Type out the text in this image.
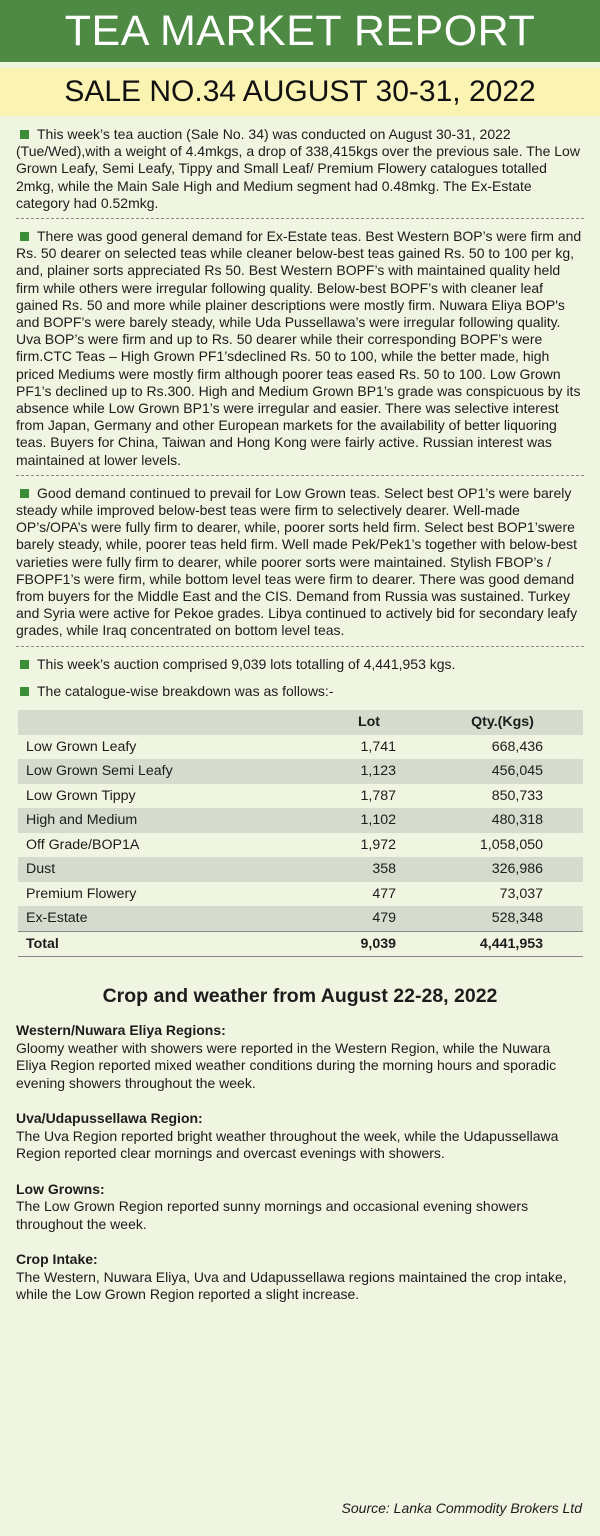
TEA MARKET REPORT
SALE NO.34 AUGUST 30-31, 2022

This week’s tea auction (Sale No. 34) was conducted on August 30-31, 2022 (Tue/Wed),with a weight of 4.4mkgs, a drop of 338,415kgs over the previous sale. The Low Grown Leafy, Semi Leafy, Tippy and Small Leaf/ Premium Flowery catalogues totalled 2mkg, while the Main Sale High and Medium segment had 0.48mkg. The Ex-Estate category had 0.52mkg.

There was good general demand for Ex-Estate teas. Best Western BOP’s were firm and Rs. 50 dearer on selected teas while cleaner below-best teas gained Rs. 50 to 100 per kg, and, plainer sorts appreciated Rs 50. Best Western BOPF’s with maintained quality held firm while others were irregular following quality. Below-best BOPF’s with cleaner leaf gained Rs. 50 and more while plainer descriptions were mostly firm. Nuwara Eliya BOP's and BOPF’s were barely steady, while Uda Pussellawa’s were irregular following quality. Uva BOP’s were firm and up to Rs. 50 dearer while their corresponding BOPF’s were firm.CTC Teas – High Grown PF1’sdeclined Rs. 50 to 100, while the better made, high priced Mediums were mostly firm although poorer teas eased Rs. 50 to 100. Low Grown PF1’s declined up to Rs.300. High and Medium Grown BP1’s grade was conspicuous by its absence while Low Grown BP1’s were irregular and easier. There was selective interest from Japan, Germany and other European markets for the availability of better liquoring teas. Buyers for China, Taiwan and Hong Kong were fairly active. Russian interest was maintained at lower levels.

Good demand continued to prevail for Low Grown teas. Select best OP1’s were barely steady while improved below-best teas were firm to selectively dearer. Well-made OP’s/OPA’s were fully firm to dearer, while, poorer sorts held firm. Select best BOP1’swere barely steady, while, poorer teas held firm. Well made Pek/Pek1’s together with below-best varieties were fully firm to dearer, while poorer sorts were maintained. Stylish FBOP’s / FBOPF1’s were firm, while bottom level teas were firm to dearer. There was good demand from buyers for the Middle East and the CIS. Demand from Russia was sustained. Turkey and Syria were active for Pekoe grades. Libya continued to actively bid for secondary leafy grades, while Iraq concentrated on bottom level teas.

This week’s auction comprised 9,039 lots totalling of 4,441,953 kgs.

The catalogue-wise breakdown was as follows:-

	Lot	Qty.(Kgs)
Low Grown Leafy	1,741	668,436
Low Grown Semi Leafy	1,123	456,045
Low Grown Tippy	1,787	850,733
High and Medium	1,102	480,318
Off Grade/BOP1A	1,972	1,058,050
Dust	358	326,986
Premium Flowery	477	73,037
Ex-Estate	479	528,348
Total	9,039	4,441,953
Crop and weather from August 22-28, 2022

Western/Nuwara Eliya Regions:

Gloomy weather with showers were reported in the Western Region, while the Nuwara Eliya Region reported mixed weather conditions during the morning hours and sporadic evening showers throughout the week.

Uva/Udapussellawa Region:

The Uva Region reported bright weather throughout the week, while the Udapussellawa Region reported clear mornings and overcast evenings with showers.

Low Growns:

The Low Grown Region reported sunny mornings and occasional evening showers throughout the week.

Crop Intake:

The Western, Nuwara Eliya, Uva and Udapussellawa regions maintained the crop intake, while the Low Grown Region reported a slight increase.

Source: Lanka Commodity Brokers Ltd
